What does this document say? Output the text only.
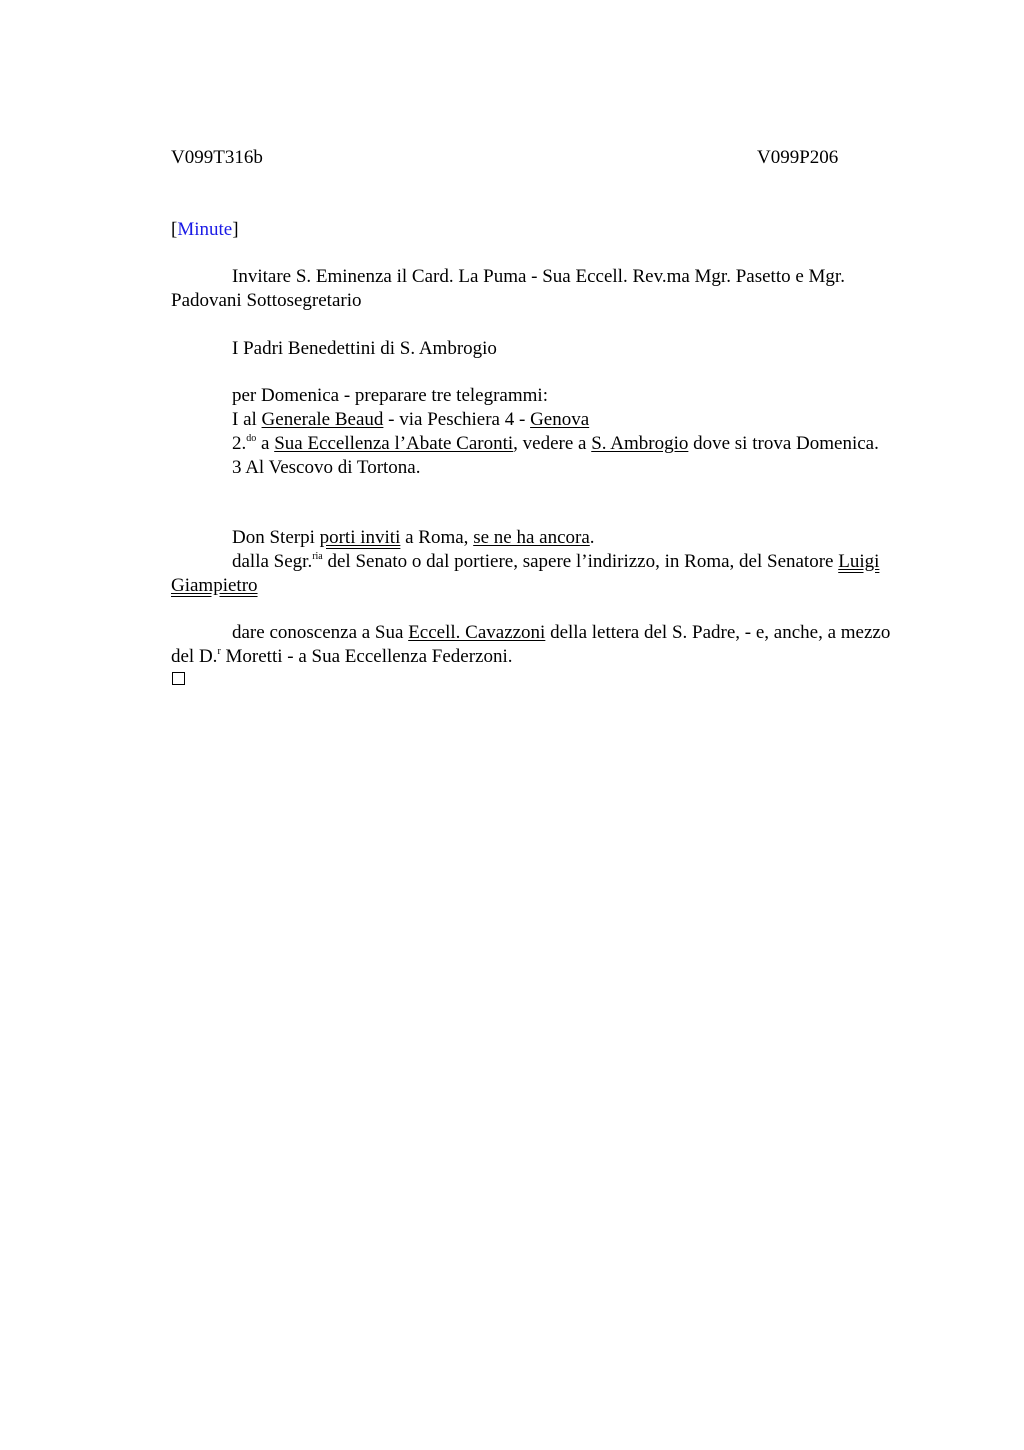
V099T316b	V099P206
[Minute]

Invitare S. Eminenza il Card. La Puma - Sua Eccell. Rev.ma Mgr. Pasetto e Mgr. Padovani Sottosegretario

I Padri Benedettini di S. Ambrogio

per Domenica - preparare tre telegrammi:

I al Generale Beaud - via Peschiera 4 - Genova

2.$^{do}$ a Sua Eccellenza l’Abate Caronti, vedere a S. Ambrogio dove si trova Domenica.

3 Al Vescovo di Tortona.

Don Sterpi porti inviti a Roma, se ne ha ancora.

dalla Segr.$^{ria}$ del Senato o dal portiere, sapere l’indirizzo, in Roma, del Senatore Luigi Giampietro

dare conoscenza a Sua Eccell. Cavazzoni della lettera del S. Padre, - e, anche, a mezzo del D.$^r$ Moretti - a Sua Eccellenza Federzoni.
